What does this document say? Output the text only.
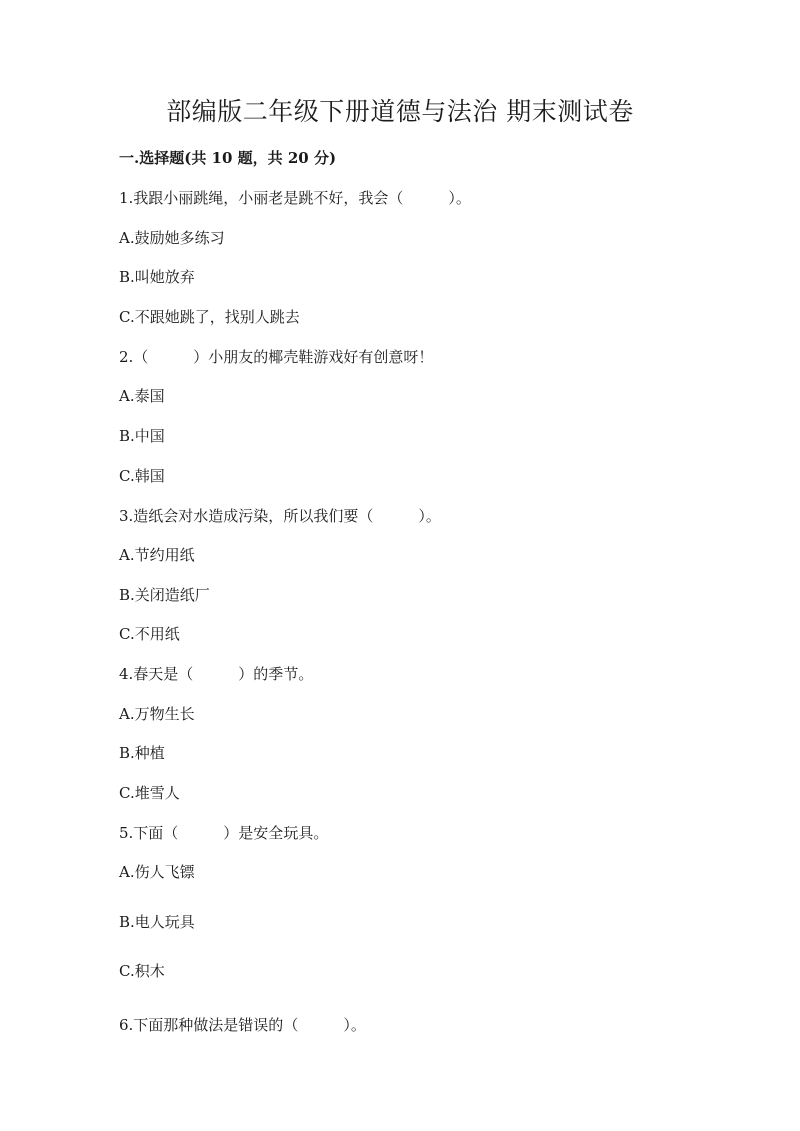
部编版二年级下册道德与法治 期末测试卷
一.选择题(共 10 题，共 20 分)
1.我跟小丽跳绳，小丽老是跳不好，我会（　　　）。
A.鼓励她多练习
B.叫她放弃
C.不跟她跳了，找别人跳去
2.（　　　）小朋友的椰壳鞋游戏好有创意呀！
A.泰国
B.中国
C.韩国
3.造纸会对水造成污染，所以我们要（　　　）。
A.节约用纸
B.关闭造纸厂
C.不用纸
4.春天是（　　　）的季节。
A.万物生长
B.种植
C.堆雪人
5.下面（　　　）是安全玩具。
A.伤人飞镖
B.电人玩具
C.积木
6.下面那种做法是错误的（　　　）。
